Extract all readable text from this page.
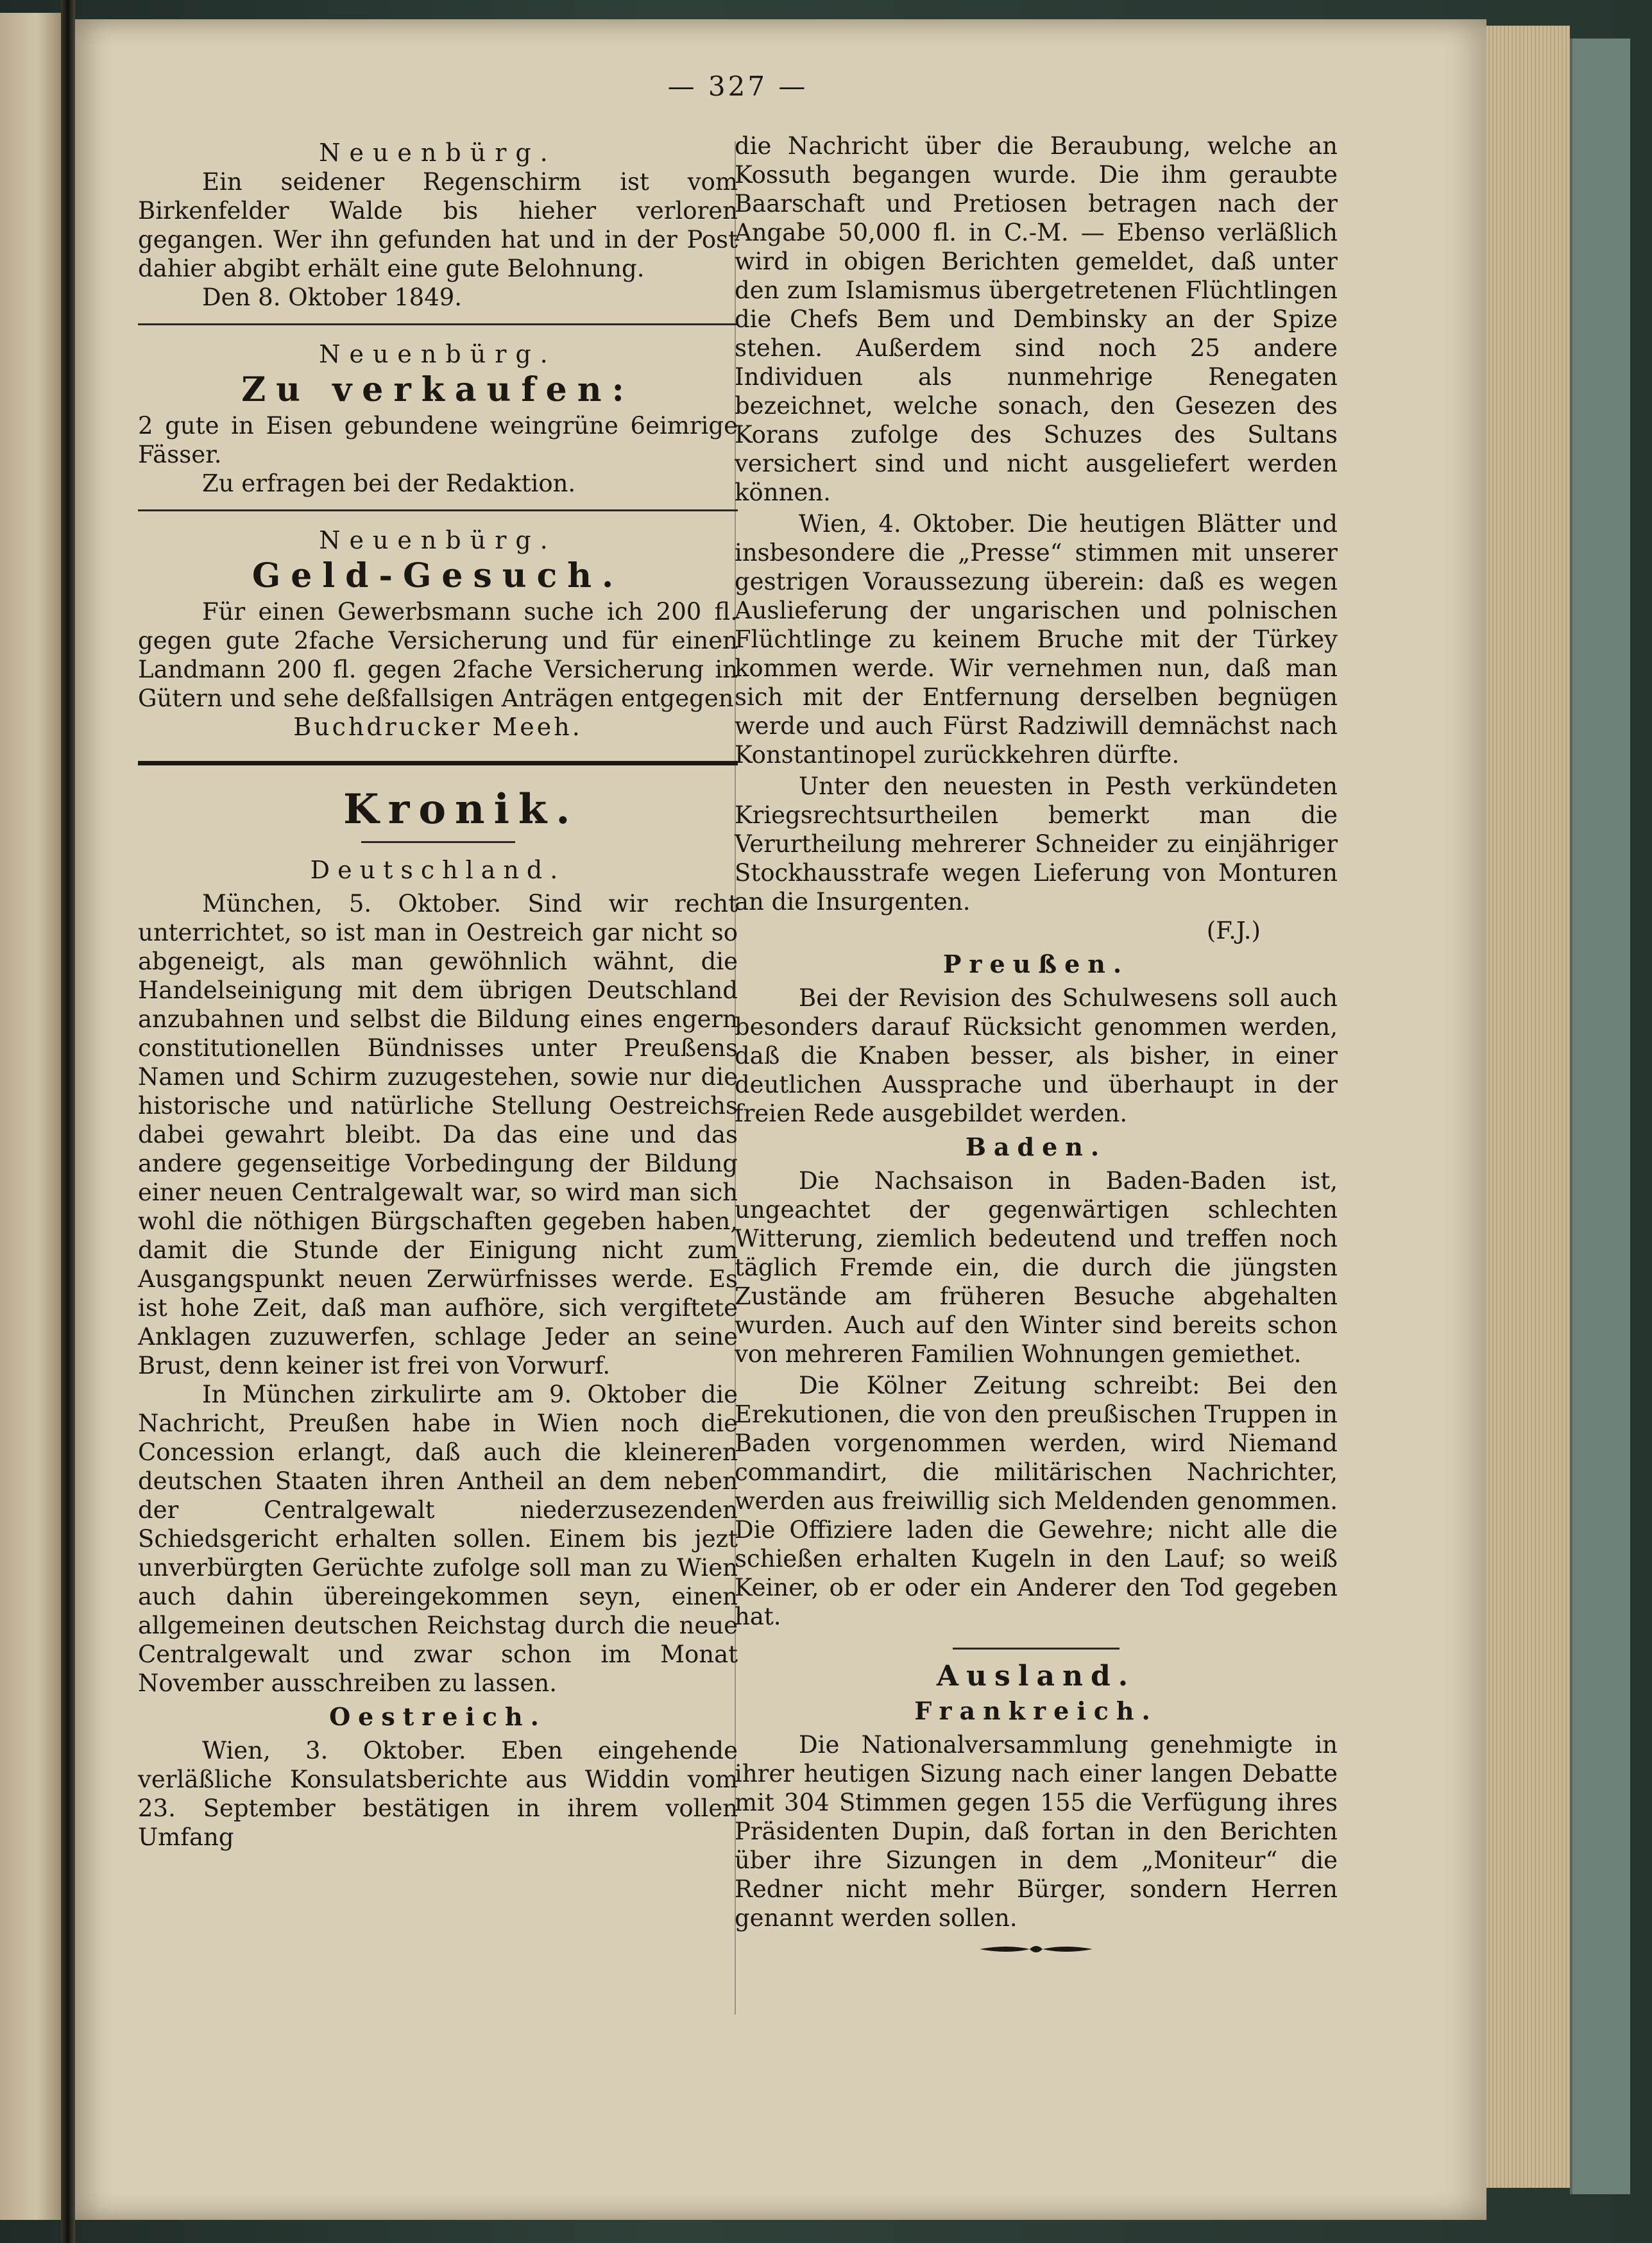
— 327 —

Neuenbürg.

Ein seidener Regenschirm ist vom Birkenfelder Walde bis hieher verloren gegangen. Wer ihn gefunden hat und in der Post dahier abgibt erhält eine gute Belohnung.

Den 8. Oktober 1849.

Neuenbürg.

Zu verkaufen:

2 gute in Eisen gebundene weingrüne 6eimrige Fässer.

Zu erfragen bei der Redaktion.

Neuenbürg.

Geld-Gesuch.

Für einen Gewerbsmann suche ich 200 fl. gegen gute 2fache Versicherung und für einen Landmann 200 fl. gegen 2fache Versicherung in Gütern und sehe deßfallsigen Anträgen entgegen

Buchdrucker Meeh.

Kronik.

Deutschland.

München, 5. Oktober. Sind wir recht unterrichtet, so ist man in Oestreich gar nicht so abgeneigt, als man gewöhnlich wähnt, die Handelseinigung mit dem übrigen Deutschland anzubahnen und selbst die Bildung eines engern constitutionellen Bündnisses unter Preußens Namen und Schirm zuzugestehen, sowie nur die historische und natürliche Stellung Oestreichs dabei gewahrt bleibt. Da das eine und das andere gegenseitige Vorbedingung der Bildung einer neuen Centralgewalt war, so wird man sich wohl die nöthigen Bürgschaften gegeben haben, damit die Stunde der Einigung nicht zum Ausgangspunkt neuen Zerwürfnisses werde. Es ist hohe Zeit, daß man aufhöre, sich vergiftete Anklagen zuzuwerfen, schlage Jeder an seine Brust, denn keiner ist frei von Vorwurf.

In München zirkulirte am 9. Oktober die Nachricht, Preußen habe in Wien noch die Concession erlangt, daß auch die kleineren deutschen Staaten ihren Antheil an dem neben der Centralgewalt niederzusezenden Schiedsgericht erhalten sollen. Einem bis jezt unverbürgten Gerüchte zufolge soll man zu Wien auch dahin übereingekommen seyn, einen allgemeinen deutschen Reichstag durch die neue Centralgewalt und zwar schon im Monat November ausschreiben zu lassen.

Oestreich.

Wien, 3. Oktober. Eben eingehende verläßliche Konsulatsberichte aus Widdin vom 23. September bestätigen in ihrem vollen Umfang

die Nachricht über die Beraubung, welche an Kossuth begangen wurde. Die ihm geraubte Baarschaft und Pretiosen betragen nach der Angabe 50,000 fl. in C.-M. — Ebenso verläßlich wird in obigen Berichten gemeldet, daß unter den zum Islamismus übergetretenen Flüchtlingen die Chefs Bem und Dembinsky an der Spize stehen. Außerdem sind noch 25 andere Individuen als nunmehrige Renegaten bezeichnet, welche sonach, den Gesezen des Korans zufolge des Schuzes des Sultans versichert sind und nicht ausgeliefert werden können.

Wien, 4. Oktober. Die heutigen Blätter und insbesondere die „Presse“ stimmen mit unserer gestrigen Voraussezung überein: daß es wegen Auslieferung der ungarischen und polnischen Flüchtlinge zu keinem Bruche mit der Türkey kommen werde. Wir vernehmen nun, daß man sich mit der Entfernung derselben begnügen werde und auch Fürst Radziwill demnächst nach Konstantinopel zurückkehren dürfte.

Unter den neuesten in Pesth verkündeten Kriegsrechtsurtheilen bemerkt man die Verurtheilung mehrerer Schneider zu einjähriger Stockhausstrafe wegen Lieferung von Monturen an die Insurgenten.

(F.J.)

Preußen.

Bei der Revision des Schulwesens soll auch besonders darauf Rücksicht genommen werden, daß die Knaben besser, als bisher, in einer deutlichen Aussprache und überhaupt in der freien Rede ausgebildet werden.

Baden.

Die Nachsaison in Baden-Baden ist, ungeachtet der gegenwärtigen schlechten Witterung, ziemlich bedeutend und treffen noch täglich Fremde ein, die durch die jüngsten Zustände am früheren Besuche abgehalten wurden. Auch auf den Winter sind bereits schon von mehreren Familien Wohnungen gemiethet.

Die Kölner Zeitung schreibt: Bei den Erekutionen, die von den preußischen Truppen in Baden vorgenommen werden, wird Niemand commandirt, die militärischen Nachrichter, werden aus freiwillig sich Meldenden genommen. Die Offiziere laden die Gewehre; nicht alle die schießen erhalten Kugeln in den Lauf; so weiß Keiner, ob er oder ein Anderer den Tod gegeben hat.

Ausland.

Frankreich.

Die Nationalversammlung genehmigte in ihrer heutigen Sizung nach einer langen Debatte mit 304 Stimmen gegen 155 die Verfügung ihres Präsidenten Dupin, daß fortan in den Berichten über ihre Sizungen in dem „Moniteur“ die Redner nicht mehr Bürger, sondern Herren genannt werden sollen.
